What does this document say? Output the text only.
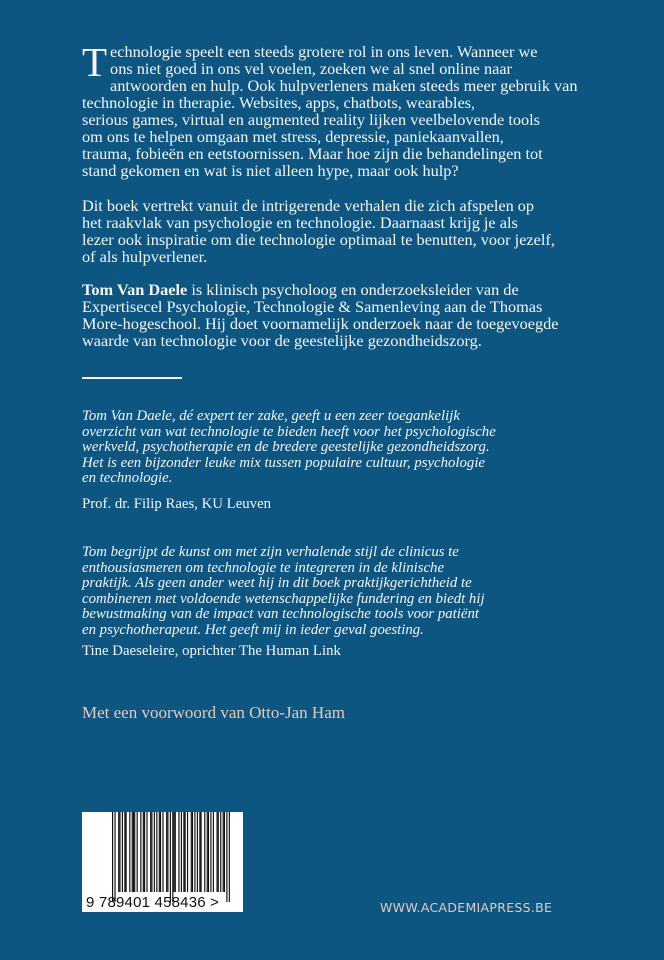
Technologie speelt een steeds grotere rol in ons leven. Wanneer we
ons niet goed in ons vel voelen, zoeken we al snel online naar
antwoorden en hulp. Ook hulpverleners maken steeds meer gebruik van
technologie in therapie. Websites, apps, chatbots, wearables,
serious games, virtual en augmented reality lijken veelbelovende tools
om ons te helpen omgaan met stress, depressie, paniekaanvallen,
trauma, fobieën en eetstoornissen. Maar hoe zijn die behandelingen tot
stand gekomen en wat is niet alleen hype, maar ook hulp?
Dit boek vertrekt vanuit de intrigerende verhalen die zich afspelen op
het raakvlak van psychologie en technologie. Daarnaast krijg je als
lezer ook inspiratie om die technologie optimaal te benutten, voor jezelf,
of als hulpverlener.
Tom Van Daele is klinisch psycholoog en onderzoeksleider van de
Expertisecel Psychologie, Technologie & Samenleving aan de Thomas
More-hogeschool. Hij doet voornamelijk onderzoek naar de toegevoegde
waarde van technologie voor de geestelijke gezondheidszorg.
Tom Van Daele, dé expert ter zake, geeft u een zeer toegankelijk
overzicht van wat technologie te bieden heeft voor het psychologische
werkveld, psychotherapie en de bredere geestelijke gezondheidszorg.
Het is een bijzonder leuke mix tussen populaire cultuur, psychologie
en technologie.
Prof. dr. Filip Raes, KU Leuven
Tom begrijpt de kunst om met zijn verhalende stijl de clinicus te
enthousiasmeren om technologie te integreren in de klinische
praktijk. Als geen ander weet hij in dit boek praktijkgerichtheid te
combineren met voldoende wetenschappelijke fundering en biedt hij
bewustmaking van de impact van technologische tools voor patiënt
en psychotherapeut. Het geeft mij in ieder geval goesting.
Tine Daeseleire, oprichter The Human Link
Met een voorwoord van Otto-Jan Ham
9 789401 458436 >	WWW.ACADEMIAPRESS.BE
